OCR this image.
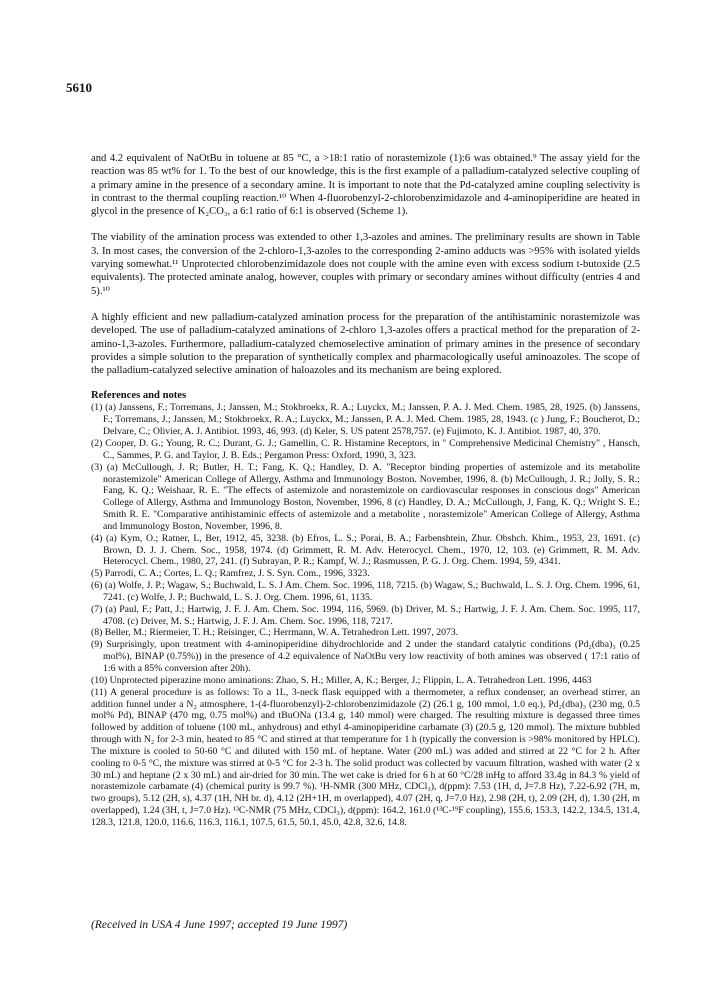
5610

and 4.2 equivalent of NaOtBu in toluene at 85 °C, a >18:1 ratio of norastemizole (1):6 was obtained.⁹ The assay yield for the reaction was 85 wt% for 1. To the best of our knowledge, this is the first example of a palladium-catalyzed selective coupling of a primary amine in the presence of a secondary amine. It is important to note that the Pd-catalyzed amine coupling selectivity is in contrast to the thermal coupling reaction.¹⁰ When 4-fluorobenzyl-2-chlorobenzimidazole and 4-aminopiperidine are heated in glycol in the presence of K₂CO₃, a 6:1 ratio of 6:1 is observed (Scheme 1).

The viability of the amination process was extended to other 1,3-azoles and amines. The preliminary results are shown in Table 3. In most cases, the conversion of the 2-chloro-1,3-azoles to the corresponding 2-amino adducts was >95% with isolated yields varying somewhat.¹¹ Unprotected chlorobenzimidazole does not couple with the amine even with excess sodium t-butoxide (2.5 equivalents). The protected aminate analog, however, couples with primary or secondary amines without difficulty (entries 4 and 5).¹⁰

A highly efficient and new palladium-catalyzed amination process for the preparation of the antihistaminic norastemizole was developed. The use of palladium-catalyzed aminations of 2-chloro 1,3-azoles offers a practical method for the preparation of 2-amino-1,3-azoles. Furthermore, palladium-catalyzed chemoselective amination of primary amines in the presence of secondary provides a simple solution to the preparation of synthetically complex and pharmacologically useful aminoazoles. The scope of the palladium-catalyzed selective amination of haloazoles and its mechanism are being explored.

References and notes

(1) (a) Janssens, F.; Torremans, J.; Janssen, M.; Stokbroekx, R. A.; Luyckx, M.; Janssen, P. A. J. Med. Chem. 1985, 28, 1925. (b) Janssens, F.; Torremans, J.; Janssen, M.; Stokbroekx, R. A.; Luyckx, M.; Janssen, P. A. J. Med. Chem. 1985, 28, 1943. (c ) Jung, F.; Boucherot, D.; Delvare, C.; Olivier, A. J. Antibiot. 1993, 46, 993. (d) Keler, S. US patent 2578,757. (e) Fujimoto, K. J. Antibiot. 1987, 40, 370.

(2) Cooper, D. G.; Young, R. C.; Durant, G. J.; Gamellin, C. R. Histamine Receptors, in " Comprehensive Medicinal Chemistry" , Hansch, C., Sammes, P. G. and Taylor, J. B. Eds.; Pergamon Press: Oxford, 1990, 3, 323.

(3) (a) McCullough, J. R; Butler, H. T.; Fang, K. Q.; Handley, D. A. "Receptor binding properties of astemizole and its metabolite norastemizole" American College of Allergy, Asthma and Immunology Boston. November, 1996, 8. (b) McCullough, J. R.; Jolly, S. R.; Fang, K. Q.; Weishaar, R. E. "The effects of astemizole and norastemizole on cardiovascular responses in conscious dogs" American College of Allergy, Asthma and Immunology Boston, November, 1996, 8 (c) Handley, D. A.; McCullough, J, Fang, K. Q.; Wright S. E.; Smith R. E. "Comparative antihistaminic effects of astemizole and a metabolite , norastemizole" American College of Allergy, Asthma and Immunology Boston, November, 1996, 8.

(4) (a) Kym, O.; Ratner, L, Ber, 1912, 45, 3238. (b) Efros, L. S.; Porai, B. A.; Farbenshtein, Zhur. Obshch. Khim., 1953, 23, 1691. (c) Brown, D. J. J. Chem. Soc., 1958, 1974. (d) Grimmett, R. M. Adv. Heterocycl. Chem., 1970, 12, 103. (e) Grimmett, R. M. Adv. Heterocycl. Chem., 1980, 27, 241. (f) Subrayan, P. R.; Kampf, W. J.; Rasmussen, P. G. J. Org. Chem. 1994, 59, 4341.

(5) Parrodi, C. A.; Cortes, L. Q.; Ramfrez, J. S. Syn. Com., 1996, 3323.

(6) (a) Wolfe, J. P.; Wagaw, S.; Buchwald, L. S. J Am. Chem. Soc. 1996, 118, 7215. (b) Wagaw, S.; Buchwald, L. S. J. Org. Chem. 1996, 61, 7241. (c) Wolfe, J. P.; Buchwald, L. S. J. Org. Chem. 1996, 61, 1135.

(7) (a) Paul, F.; Patt, J.; Hartwig, J. F. J. Am. Chem. Soc. 1994, 116, 5969. (b) Driver, M. S.; Hartwig, J. F. J. Am. Chem. Soc. 1995, 117, 4708. (c) Driver, M. S.; Hartwig, J. F. J. Am. Chem. Soc. 1996, 118, 7217.

(8) Beller, M.; Riermeier, T. H.; Reisinger, C.; Herrmann, W. A. Tetrahedron Lett. 1997, 2073.

(9) Surprisingly, upon treatment with 4-aminopiperidine dihydrochloride and 2 under the standard catalytic conditions (Pd₂(dba)₃ (0.25 mol%), BINAP (0.75%)) in the presence of 4.2 equivalence of NaOtBu very low reactivity of both amines was observed ( 17:1 ratio of 1:6 with a 85% conversion after 20h).

(10) Unprotected piperazine mono aminations: Zhao, S. H.; Miller, A, K.; Berger, J.; Flippin, L. A. Tetrahedron Lett. 1996, 4463

(11) A general procedure is as follows: To a 1L, 3-neck flask equipped with a thermometer, a reflux condenser, an overhead stirrer, an addition funnel under a N₂ atmosphere, 1-(4-fluorobenzyl)-2-chlorobenzimidazole (2) (26.1 g, 100 mmol, 1.0 eq.), Pd₂(dba)₃ (230 mg, 0.5 mol% Pd), BINAP (470 mg, 0.75 mol%) and tBuONa (13.4 g, 140 mmol) were charged. The resulting mixture is degassed three times followed by addition of toluene (100 mL, anhydrous) and ethyl 4-aminopiperidine carbamate (3) (20.5 g, 120 mmol). The mixture bubbled through with N₂ for 2-3 min, heated to 85 °C and stirred at that temperature for 1 h (typically the conversion is >98% monitored by HPLC). The mixture is cooled to 50-60 °C and diluted with 150 mL of heptane. Water (200 mL) was added and stirred at 22 °C for 2 h. After cooling to 0-5 °C, the mixture was stirred at 0-5 °C for 2-3 h. The solid product was collected by vacuum filtration, washed with water (2 x 30 mL) and heptane (2 x 30 mL) and air-dried for 30 min. The wet cake is dried for 6 h at 60 °C/28 inHg to afford 33.4g in 84.3 % yield of norastemizole carbamate (4) (chemical purity is 99.7 %). ¹H-NMR (300 MHz, CDCl₃), d(ppm): 7.53 (1H, d, J=7.8 Hz), 7.22-6.92 (7H, m, two groups), 5.12 (2H, s), 4.37 (1H, NH br. d), 4.12 (2H+1H, m overlapped), 4.07 (2H, q, J=7.0 Hz), 2.98 (2H, t), 2.09 (2H, d), 1.30 (2H, m overlapped), 1.24 (3H, t, J=7.0 Hz). ¹³C-NMR (75 MHz, CDCl₃), d(ppm): 164.2, 161.0 (¹³C-¹⁹F coupling), 155.6, 153.3, 142.2, 134.5, 131.4, 128.3, 121.8, 120.0, 116.6, 116.3, 116.1, 107.5, 61.5, 50.1, 45.0, 42.8, 32.6, 14.8.

(Received in USA 4 June 1997; accepted 19 June 1997)
